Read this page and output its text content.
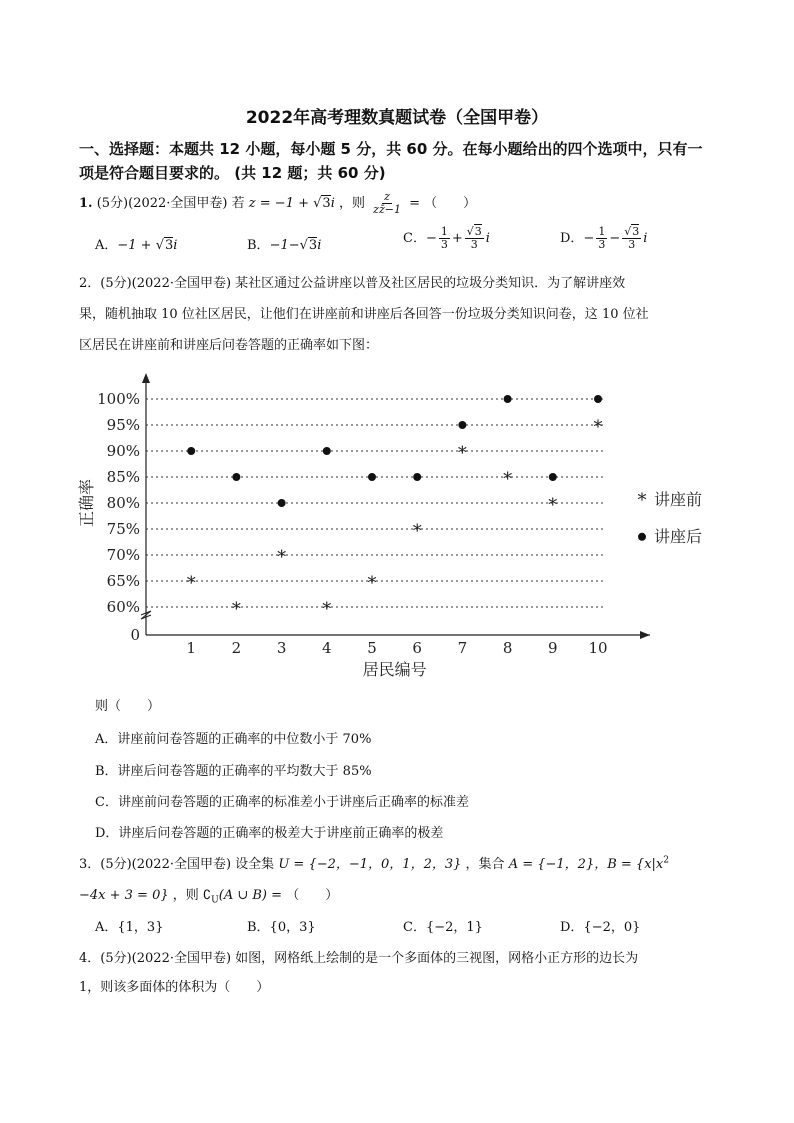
2022年高考理数真题试卷（全国甲卷）
一、选择题：本题共 12 小题，每小题 5 分，共 60 分。在每小题给出的四个选项中，只有一
项是符合题目要求的。 (共 12 题；共 60 分)
1. (5分)(2022·全国甲卷) 若 z = −1 + √3i ，则 $\frac{z}{zz̄-1}$ = （　　）
A．−1 + √3i	B．−1−√3i	C．− $\frac{1}{3} + \frac{√3}{3}$ i	D．− $\frac{1}{3} - \frac{√3}{3}$ i
2．(5分)(2022·全国甲卷) 某社区通过公益讲座以普及社区居民的垃圾分类知识．为了解讲座效
果，随机抽取 10 位社区居民，让他们在讲座前和讲座后各回答一份垃圾分类知识问卷，这 10 位社
区居民在讲座前和讲座后问卷答题的正确率如下图：
0
60%
65%
70%
75%
80%
85%
90%
95%
100%
1 2 3 4 5 6 7 8 9 10
居民编号
正确率
*
*
*
*
*
*
*
*
*
*
* 讲座前
讲座后
则（　　）
A．讲座前问卷答题的正确率的中位数小于 70%
B．讲座后问卷答题的正确率的平均数大于 85%
C．讲座前问卷答题的正确率的标准差小于讲座后正确率的标准差
D．讲座后问卷答题的正确率的极差大于讲座前正确率的极差
3．(5分)(2022·全国甲卷) 设全集 U = {−2，−1，0，1，2，3} ，集合 A = {−1，2}，$B = \{x|x^2$
−4x + 3 = 0} ，则 $∁_U(A$ ∪ B) = （　　）
A．{1，3}	B．{0，3}	C．{−2，1}	D．{−2，0}
4．(5分)(2022·全国甲卷) 如图，网格纸上绘制的是一个多面体的三视图，网格小正方形的边长为
1，则该多面体的体积为（　　）
